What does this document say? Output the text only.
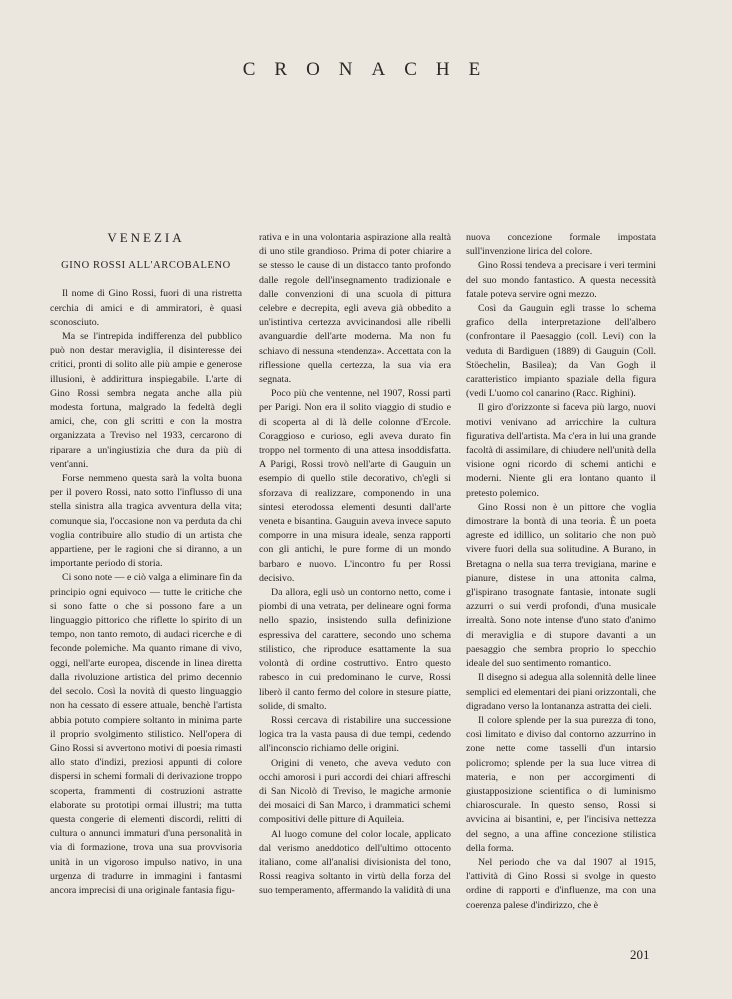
CRONACHE
VENEZIA
GINO ROSSI ALL'ARCOBALENO

Il nome di Gino Rossi, fuori di una ristretta cerchia di amici e di ammiratori, è quasi sconosciuto.

Ma se l'intrepida indifferenza del pubblico può non destar meraviglia, il disinteresse dei critici, pronti di solito alle più ampie e generose illusioni, è addirittura inspiegabile. L'arte di Gino Rossi sembra negata anche alla più modesta fortuna, malgrado la fedeltà degli amici, che, con gli scritti e con la mostra organizzata a Treviso nel 1933, cercarono di riparare a un'ingiustizia che dura da più di vent'anni.

Forse nemmeno questa sarà la volta buona per il povero Rossi, nato sotto l'influsso di una stella sinistra alla tragica avventura della vita; comunque sia, l'occasione non va perduta da chi voglia contribuire allo studio di un artista che appartiene, per le ragioni che si diranno, a un importante periodo di storia.

Ci sono note — e ciò valga a eliminare fin da principio ogni equivoco — tutte le critiche che si sono fatte o che si possono fare a un linguaggio pittorico che riflette lo spirito di un tempo, non tanto remoto, di audaci ricerche e di feconde polemiche. Ma quanto rimane di vivo, oggi, nell'arte europea, discende in linea diretta dalla rivoluzione artistica del primo decennio del secolo. Così la novità di questo linguaggio non ha cessato di essere attuale, benchè l'artista abbia potuto compiere soltanto in minima parte il proprio svolgimento stilistico. Nell'opera di Gino Rossi si avvertono motivi di poesia rimasti allo stato d'indizi, preziosi appunti di colore dispersi in schemi formali di derivazione troppo scoperta, frammenti di costruzioni astratte elaborate su prototipi ormai illustri; ma tutta questa congerie di elementi discordi, relitti di cultura o annunci immaturi d'una personalità in via di formazione, trova una sua provvisoria unità in un vigoroso impulso nativo, in una urgenza di tradurre in immagini i fantasmi ancora imprecisi di una originale fantasia figu-

rativa e in una volontaria aspirazione alla realtà di uno stile grandioso. Prima di poter chiarire a se stesso le cause di un distacco tanto profondo dalle regole dell'insegnamento tradizionale e dalle convenzioni di una scuola di pittura celebre e decrepita, egli aveva già obbedito a un'istintiva certezza avvicinandosi alle ribelli avanguardie dell'arte moderna. Ma non fu schiavo di nessuna «tendenza». Accettata con la riflessione quella certezza, la sua via era segnata.

Poco più che ventenne, nel 1907, Rossi partì per Parigi. Non era il solito viaggio di studio e di scoperta al di là delle colonne d'Ercole. Coraggioso e curioso, egli aveva durato fin troppo nel tormento di una attesa insoddisfatta. A Parigi, Rossi trovò nell'arte di Gauguin un esempio di quello stile decorativo, ch'egli si sforzava di realizzare, componendo in una sintesi eterodossa elementi desunti dall'arte veneta e bisantina. Gauguin aveva invece saputo comporre in una misura ideale, senza rapporti con gli antichi, le pure forme di un mondo barbaro e nuovo. L'incontro fu per Rossi decisivo.

Da allora, egli usò un contorno netto, come i piombi di una vetrata, per delineare ogni forma nello spazio, insistendo sulla definizione espressiva del carattere, secondo uno schema stilistico, che riproduce esattamente la sua volontà di ordine costruttivo. Entro questo rabesco in cui predominano le curve, Rossi liberò il canto fermo del colore in stesure piatte, solide, di smalto.

Rossi cercava di ristabilire una successione logica tra la vasta pausa di due tempi, cedendo all'inconscio richiamo delle origini.

Origini di veneto, che aveva veduto con occhi amorosi i puri accordi dei chiari affreschi di San Nicolò di Treviso, le magiche armonie dei mosaici di San Marco, i drammatici schemi compositivi delle pitture di Aquileia.

Al luogo comune del color locale, applicato dal verismo aneddotico dell'ultimo ottocento italiano, come all'analisi divisionista del tono, Rossi reagiva soltanto in virtù della forza del suo temperamento, affermando la validità di una

nuova concezione formale impostata sull'invenzione lirica del colore.

Gino Rossi tendeva a precisare i veri termini del suo mondo fantastico. A questa necessità fatale poteva servire ogni mezzo.

Così da Gauguin egli trasse lo schema grafico della interpretazione dell'albero (confrontare il Paesaggio (coll. Levi) con la veduta di Bardiguen (1889) di Gauguin (Coll. Stöechelin, Basilea); da Van Gogh il caratteristico impianto spaziale della figura (vedi L'uomo col canarino (Racc. Righini).

Il giro d'orizzonte si faceva più largo, nuovi motivi venivano ad arricchire la cultura figurativa dell'artista. Ma c'era in lui una grande facoltà di assimilare, di chiudere nell'unità della visione ogni ricordo di schemi antichi e moderni. Niente gli era lontano quanto il pretesto polemico.

Gino Rossi non è un pittore che voglia dimostrare la bontà di una teoria. È un poeta agreste ed idillico, un solitario che non può vivere fuori della sua solitudine. A Burano, in Bretagna o nella sua terra trevigiana, marine e pianure, distese in una attonita calma, gl'ispirano trasognate fantasie, intonate sugli azzurri o sui verdi profondi, d'una musicale irrealtà. Sono note intense d'uno stato d'animo di meraviglia e di stupore davanti a un paesaggio che sembra proprio lo specchio ideale del suo sentimento romantico.

Il disegno si adegua alla solennità delle linee semplici ed elementari dei piani orizzontali, che digradano verso la lontananza astratta dei cieli.

Il colore splende per la sua purezza di tono, così limitato e diviso dal contorno azzurrino in zone nette come tasselli d'un intarsio policromo; splende per la sua luce vitrea di materia, e non per accorgimenti di giustapposizione scientifica o di luminismo chiaroscurale. In questo senso, Rossi si avvicina ai bisantini, e, per l'incisiva nettezza del segno, a una affine concezione stilistica della forma.

Nel periodo che va dal 1907 al 1915, l'attività di Gino Rossi si svolge in questo ordine di rapporti e d'influenze, ma con una coerenza palese d'indirizzo, che è

201
